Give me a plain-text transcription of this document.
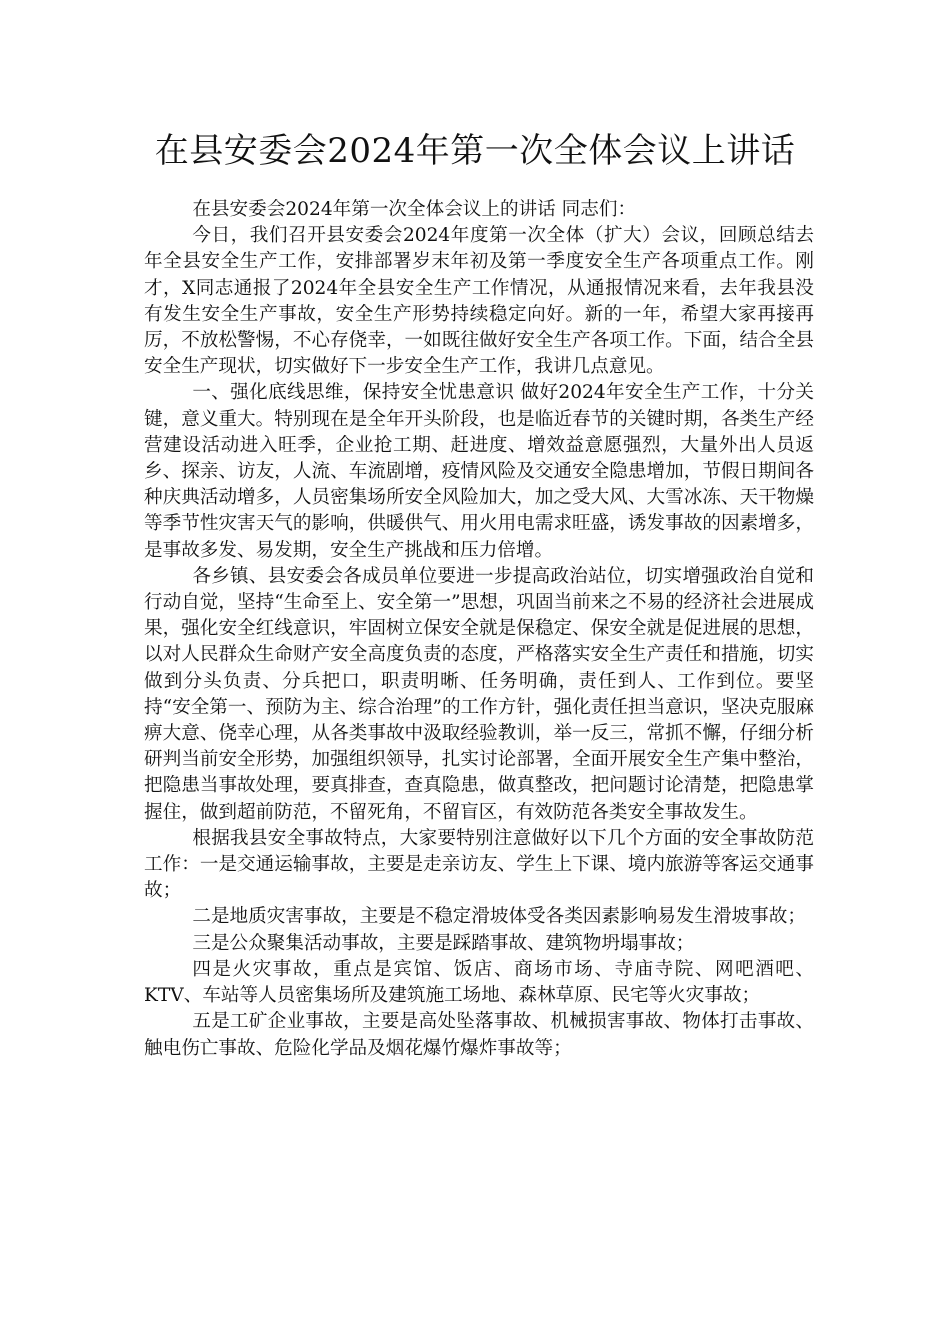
在县安委会2024年第一次全体会议上讲话

在县安委会2024年第一次全体会议上的讲话 同志们：

今日，我们召开县安委会2024年度第一次全体（扩大）会议，回顾总结去年全县安全生产工作，安排部署岁末年初及第一季度安全生产各项重点工作。刚才，X同志通报了2024年全县安全生产工作情况，从通报情况来看，去年我县没有发生安全生产事故，安全生产形势持续稳定向好。新的一年，希望大家再接再厉，不放松警惕，不心存侥幸，一如既往做好安全生产各项工作。下面，结合全县安全生产现状，切实做好下一步安全生产工作，我讲几点意见。

一、强化底线思维，保持安全忧患意识 做好2024年安全生产工作，十分关键，意义重大。特别现在是全年开头阶段，也是临近春节的关键时期，各类生产经营建设活动进入旺季，企业抢工期、赶进度、增效益意愿强烈，大量外出人员返乡、探亲、访友，人流、车流剧增，疫情风险及交通安全隐患增加，节假日期间各种庆典活动增多，人员密集场所安全风险加大，加之受大风、大雪冰冻、天干物燥等季节性灾害天气的影响，供暖供气、用火用电需求旺盛，诱发事故的因素增多，是事故多发、易发期，安全生产挑战和压力倍增。

各乡镇、县安委会各成员单位要进一步提高政治站位，切实增强政治自觉和行动自觉，坚持“生命至上、安全第一”思想，巩固当前来之不易的经济社会进展成果，强化安全红线意识，牢固树立保安全就是保稳定、保安全就是促进展的思想，以对人民群众生命财产安全高度负责的态度，严格落实安全生产责任和措施，切实做到分头负责、分兵把口，职责明晰、任务明确，责任到人、工作到位。要坚持“安全第一、预防为主、综合治理”的工作方针，强化责任担当意识，坚决克服麻痹大意、侥幸心理，从各类事故中汲取经验教训，举一反三，常抓不懈，仔细分析研判当前安全形势，加强组织领导，扎实讨论部署，全面开展安全生产集中整治，把隐患当事故处理，要真排查，查真隐患，做真整改，把问题讨论清楚，把隐患掌握住，做到超前防范，不留死角，不留盲区，有效防范各类安全事故发生。

根据我县安全事故特点，大家要特别注意做好以下几个方面的安全事故防范工作：一是交通运输事故，主要是走亲访友、学生上下课、境内旅游等客运交通事故；

二是地质灾害事故，主要是不稳定滑坡体受各类因素影响易发生滑坡事故；

三是公众聚集活动事故，主要是踩踏事故、建筑物坍塌事故；

四是火灾事故，重点是宾馆、饭店、商场市场、寺庙寺院、网吧酒吧、KTV、车站等人员密集场所及建筑施工场地、森林草原、民宅等火灾事故；

五是工矿企业事故，主要是高处坠落事故、机械损害事故、物体打击事故、触电伤亡事故、危险化学品及烟花爆竹爆炸事故等；
